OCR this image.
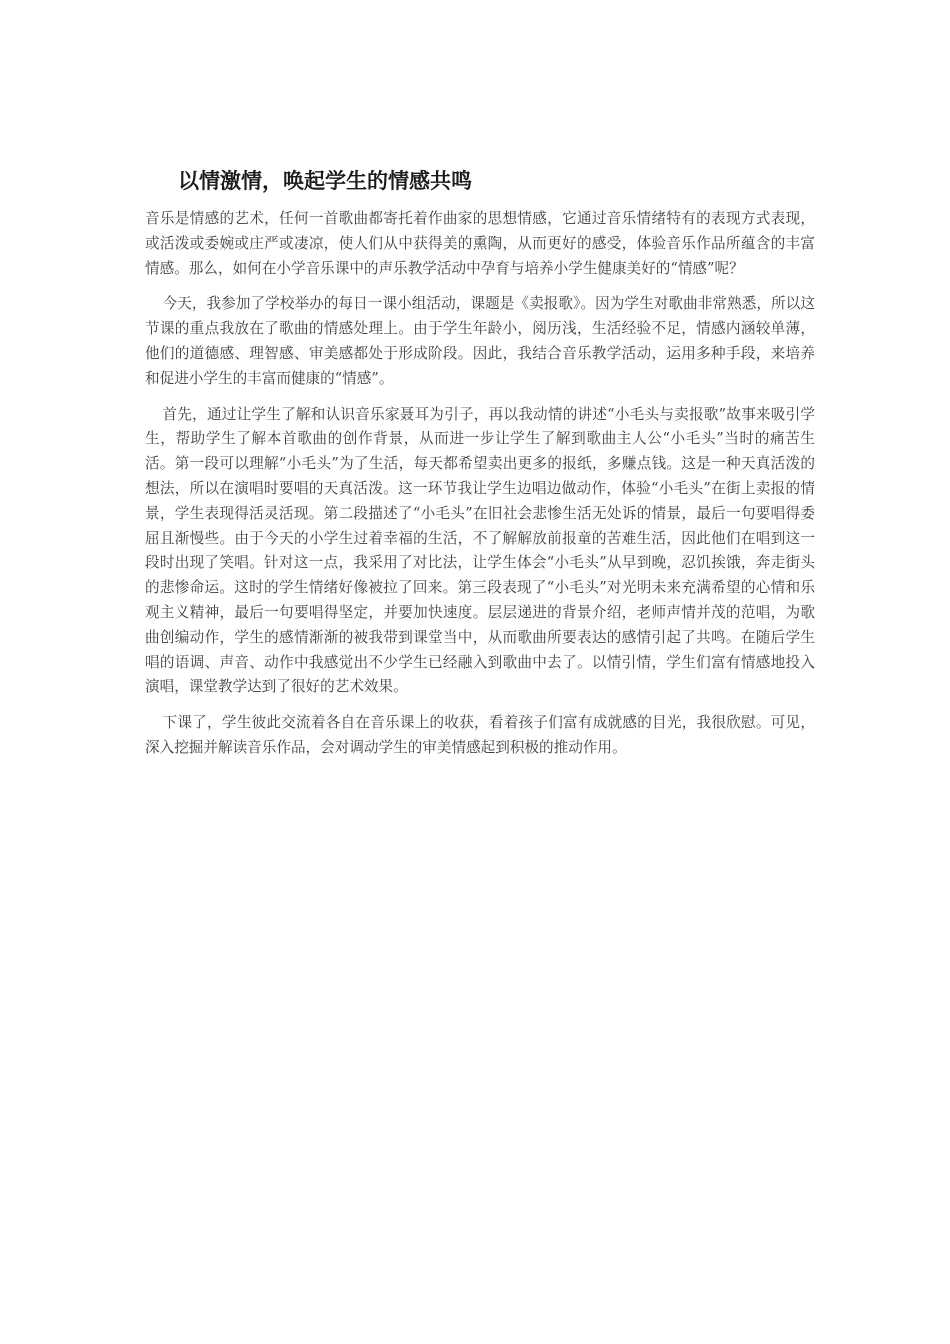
以情激情，唤起学生的情感共鸣

音乐是情感的艺术，任何一首歌曲都寄托着作曲家的思想情感，它通过音乐情绪特有的表现方式表现，或活泼或委婉或庄严或凄凉，使人们从中获得美的熏陶，从而更好的感受，体验音乐作品所蕴含的丰富情感。那么，如何在小学音乐课中的声乐教学活动中孕育与培养小学生健康美好的“情感”呢？

今天，我参加了学校举办的每日一课小组活动，课题是《卖报歌》。因为学生对歌曲非常熟悉，所以这节课的重点我放在了歌曲的情感处理上。由于学生年龄小，阅历浅，生活经验不足，情感内涵较单薄，他们的道德感、理智感、审美感都处于形成阶段。因此，我结合音乐教学活动，运用多种手段，来培养和促进小学生的丰富而健康的“情感”。

首先，通过让学生了解和认识音乐家聂耳为引子，再以我动情的讲述“小毛头与卖报歌”故事来吸引学生，帮助学生了解本首歌曲的创作背景，从而进一步让学生了解到歌曲主人公“小毛头”当时的痛苦生活。第一段可以理解“小毛头”为了生活，每天都希望卖出更多的报纸，多赚点钱。这是一种天真活泼的想法，所以在演唱时要唱的天真活泼。这一环节我让学生边唱边做动作，体验“小毛头”在街上卖报的情景，学生表现得活灵活现。第二段描述了“小毛头”在旧社会悲惨生活无处诉的情景，最后一句要唱得委屈且渐慢些。由于今天的小学生过着幸福的生活，不了解解放前报童的苦难生活，因此他们在唱到这一段时出现了笑唱。针对这一点，我采用了对比法，让学生体会“小毛头”从早到晚，忍饥挨饿，奔走街头的悲惨命运。这时的学生情绪好像被拉了回来。第三段表现了“小毛头”对光明未来充满希望的心情和乐观主义精神，最后一句要唱得坚定，并要加快速度。层层递进的背景介绍，老师声情并茂的范唱，为歌曲创编动作，学生的感情渐渐的被我带到课堂当中，从而歌曲所要表达的感情引起了共鸣。在随后学生唱的语调、声音、动作中我感觉出不少学生已经融入到歌曲中去了。以情引情，学生们富有情感地投入演唱，课堂教学达到了很好的艺术效果。

下课了，学生彼此交流着各自在音乐课上的收获，看着孩子们富有成就感的目光，我很欣慰。可见，深入挖掘并解读音乐作品，会对调动学生的审美情感起到积极的推动作用。
